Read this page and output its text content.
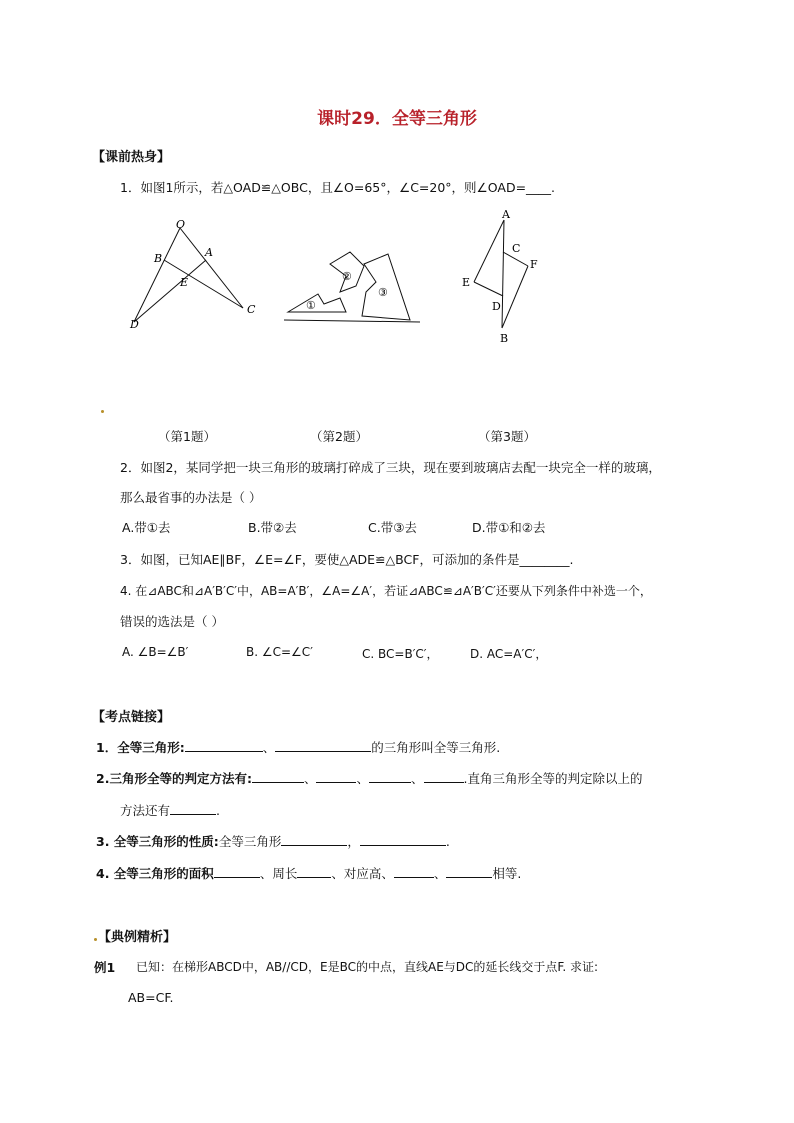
课时29．全等三角形
【课前热身】
1．如图1所示，若△OAD≌△OBC，且∠O=65°，∠C=20°，则∠OAD=____.
O
B	A
E
D
C	①
②
③
A
C
F
E
D
B
（第1题）	（第2题）	（第3题）
2．如图2，某同学把一块三角形的玻璃打碎成了三块，现在要到玻璃店去配一块完全一样的玻璃，
那么最省事的办法是（ ）
A.带①去	B.带②去	C.带③去	D.带①和②去
3．如图，已知AE∥BF，∠E=∠F，要使△ADE≌△BCF，可添加的条件是________.
4. 在⊿ABC和⊿A′B′C′中，AB=A′B′，∠A=∠A′，若证⊿ABC≌⊿A′B′C′还要从下列条件中补选一个，
错误的选法是（ ）
A. ∠B=∠B′	B. ∠C=∠C′	C. BC=B′C′，	D. AC=A′C′，
【考点链接】
1．全等三角形:	、	的三角形叫全等三角形.
2.三角形全等的判定方法有:	、	、	、	.直角三角形全等的判定除以上的
方法还有	.
3. 全等三角形的性质:全等三角形	，	.
4. 全等三角形的面积	、周长	、对应高、	、	相等.
【典例精析】
例1 已知：在梯形ABCD中，AB//CD，E是BC的中点，直线AE与DC的延长线交于点F. 求证:
AB=CF.
